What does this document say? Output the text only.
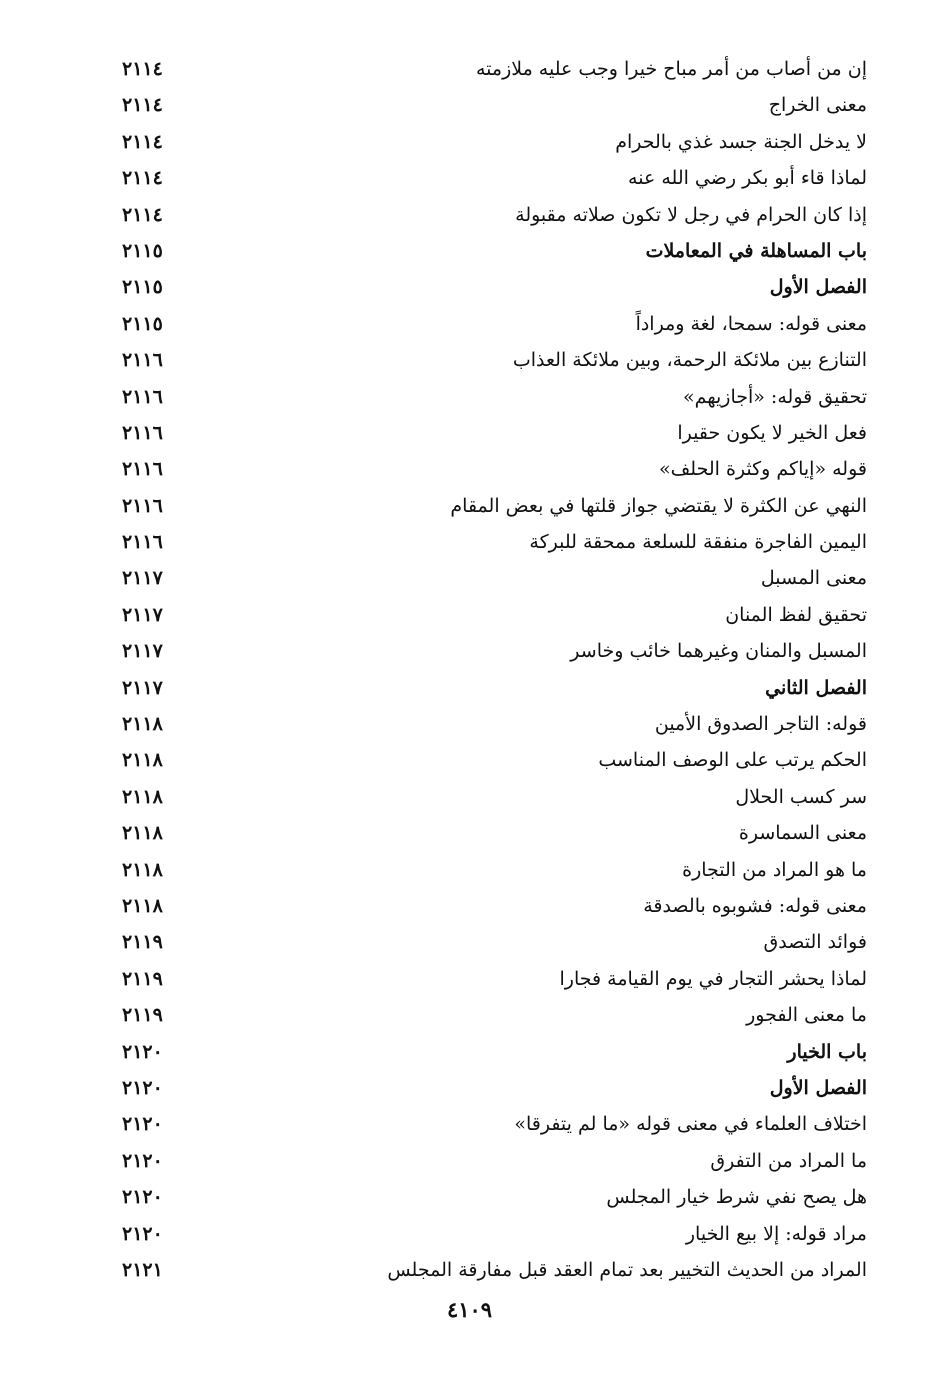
إن من أصاب من أمر مباح خيرا وجب عليه ملازمته
٢١١٤
معنى الخراج
٢١١٤
لا يدخل الجنة جسد غذي بالحرام
٢١١٤
لماذا قاء أبو بكر رضي الله عنه
٢١١٤
إذا كان الحرام في رجل لا تكون صلاته مقبولة
٢١١٤
باب المساهلة في المعاملات
٢١١٥
الفصل الأول
٢١١٥
معنى قوله: سمحا، لغة ومراداً
٢١١٥
التنازع بين ملائكة الرحمة، وبين ملائكة العذاب
٢١١٦
تحقيق قوله: «أجازيهم»
٢١١٦
فعل الخير لا يكون حقيرا
٢١١٦
قوله «إياكم وكثرة الحلف»
٢١١٦
النهي عن الكثرة لا يقتضي جواز قلتها في بعض المقام
٢١١٦
اليمين الفاجرة منفقة للسلعة ممحقة للبركة
٢١١٦
معنى المسبل
٢١١٧
تحقيق لفظ المنان
٢١١٧
المسبل والمنان وغيرهما خائب وخاسر
٢١١٧
الفصل الثاني
٢١١٧
قوله: التاجر الصدوق الأمين
٢١١٨
الحكم يرتب على الوصف المناسب
٢١١٨
سر كسب الحلال
٢١١٨
معنى السماسرة
٢١١٨
ما هو المراد من التجارة
٢١١٨
معنى قوله: فشوبوه بالصدقة
٢١١٨
فوائد التصدق
٢١١٩
لماذا يحشر التجار في يوم القيامة فجارا
٢١١٩
ما معنى الفجور
٢١١٩
باب الخيار
٢١٢٠
الفصل الأول
٢١٢٠
اختلاف العلماء في معنى قوله «ما لم يتفرقا»
٢١٢٠
ما المراد من التفرق
٢١٢٠
هل يصح نفي شرط خيار المجلس
٢١٢٠
مراد قوله: إلا بيع الخيار
٢١٢٠
المراد من الحديث التخيير بعد تمام العقد قبل مفارقة المجلس
٢١٢١
٤١٠٩
